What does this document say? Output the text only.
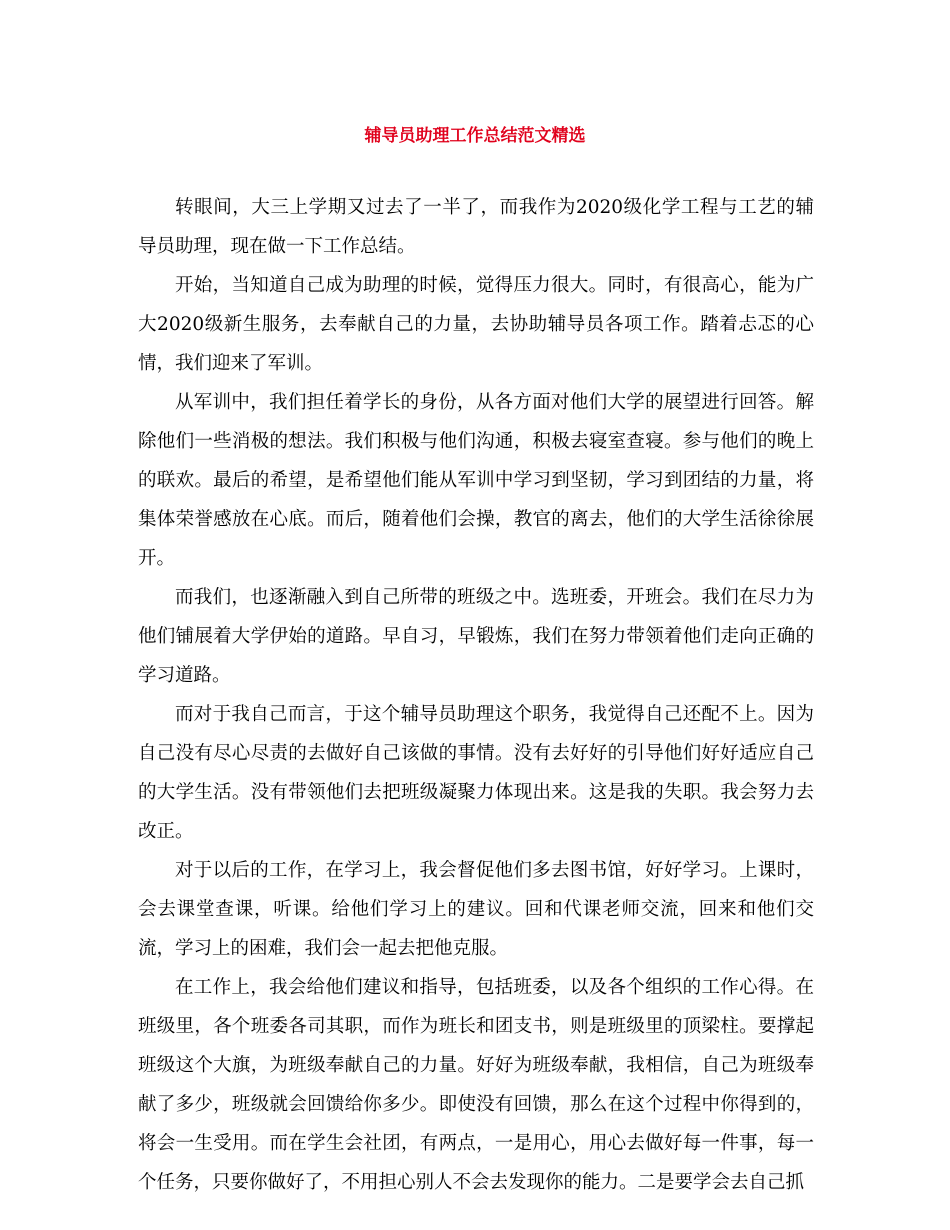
辅导员助理工作总结范文精选

转眼间，大三上学期又过去了一半了，而我作为2020级化学工程与工艺的辅导员助理，现在做一下工作总结。

开始，当知道自己成为助理的时候，觉得压力很大。同时，有很高心，能为广大2020级新生服务，去奉献自己的力量，去协助辅导员各项工作。踏着忐忑的心情，我们迎来了军训。

从军训中，我们担任着学长的身份，从各方面对他们大学的展望进行回答。解除他们一些消极的想法。我们积极与他们沟通，积极去寝室查寝。参与他们的晚上的联欢。最后的希望，是希望他们能从军训中学习到坚韧，学习到团结的力量，将集体荣誉感放在心底。而后，随着他们会操，教官的离去，他们的大学生活徐徐展开。

而我们，也逐渐融入到自己所带的班级之中。选班委，开班会。我们在尽力为他们铺展着大学伊始的道路。早自习，早锻炼，我们在努力带领着他们走向正确的学习道路。

而对于我自己而言，于这个辅导员助理这个职务，我觉得自己还配不上。因为自己没有尽心尽责的去做好自己该做的事情。没有去好好的引导他们好好适应自己的大学生活。没有带领他们去把班级凝聚力体现出来。这是我的失职。我会努力去改正。

对于以后的工作，在学习上，我会督促他们多去图书馆，好好学习。上课时，会去课堂查课，听课。给他们学习上的建议。回和代课老师交流，回来和他们交流，学习上的困难，我们会一起去把他克服。

在工作上，我会给他们建议和指导，包括班委，以及各个组织的工作心得。在班级里，各个班委各司其职，而作为班长和团支书，则是班级里的顶梁柱。要撑起班级这个大旗，为班级奉献自己的力量。好好为班级奉献，我相信，自己为班级奉献了多少，班级就会回馈给你多少。即使没有回馈，那么在这个过程中你得到的，将会一生受用。而在学生会社团，有两点，一是用心，用心去做好每一件事，每一个任务，只要你做好了，不用担心别人不会去发现你的能力。二是要学会去自己抓
